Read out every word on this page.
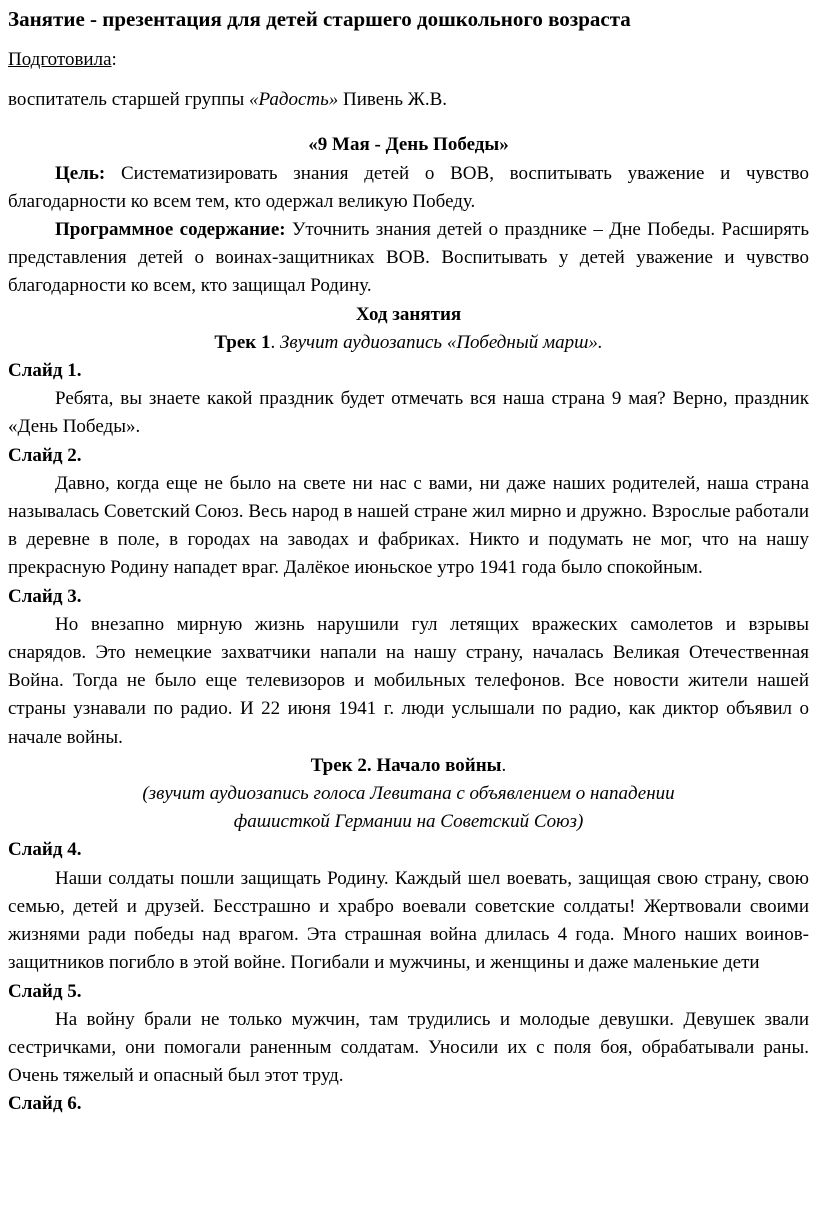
Занятие - презентация для детей старшего дошкольного возраста

Подготовила:

воспитатель старшей группы «Радость» Пивень Ж.В.

«9 Мая - День Победы»

Цель: Систематизировать знания детей о ВОВ, воспитывать уважение и чувство благодарности ко всем тем, кто одержал великую Победу.

Программное содержание: Уточнить знания детей о празднике – Дне Победы. Расширять представления детей о воинах-защитниках ВОВ. Воспитывать у детей уважение и чувство благодарности ко всем, кто защищал Родину.

Ход занятия

Трек 1. Звучит аудиозапись «Победный марш».

Слайд 1.

Ребята, вы знаете какой праздник будет отмечать вся наша страна 9 мая? Верно, праздник «День Победы».

Слайд 2.

Давно, когда еще не было на свете ни нас с вами, ни даже наших родителей, наша страна называлась Советский Союз. Весь народ в нашей стране жил мирно и дружно. Взрослые работали в деревне в поле, в городах на заводах и фабриках. Никто и подумать не мог, что на нашу прекрасную Родину нападет враг. Далёкое июньское утро 1941 года было спокойным.

Слайд 3.

Но внезапно мирную жизнь нарушили гул летящих вражеских самолетов и взрывы снарядов. Это немецкие захватчики напали на нашу страну, началась Великая Отечественная Война. Тогда не было еще телевизоров и мобильных телефонов. Все новости жители нашей страны узнавали по радио. И 22 июня 1941 г. люди услышали по радио, как диктор объявил о начале войны.

Трек 2. Начало войны.

(звучит аудиозапись голоса Левитана с объявлением о нападении
фашисткой Германии на Советский Союз)

Слайд 4.

Наши солдаты пошли защищать Родину. Каждый шел воевать, защищая свою страну, свою семью, детей и друзей. Бесстрашно и храбро воевали советские солдаты! Жертвовали своими жизнями ради победы над врагом. Эта страшная война длилась 4 года. Много наших воинов-защитников погибло в этой войне. Погибали и мужчины, и женщины и даже маленькие дети

Слайд 5.

На войну брали не только мужчин, там трудились и молодые девушки. Девушек звали сестричками, они помогали раненным солдатам. Уносили их с поля боя, обрабатывали раны. Очень тяжелый и опасный был этот труд.

Слайд 6.
